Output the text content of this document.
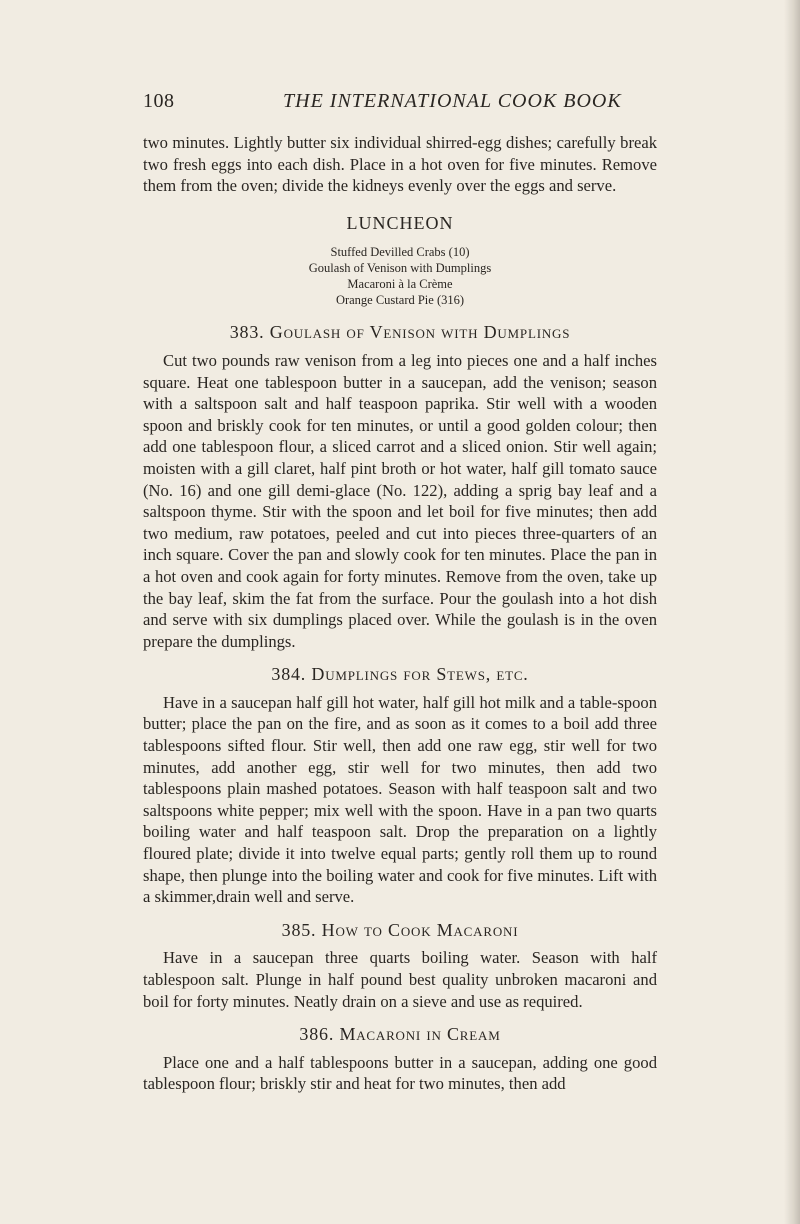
108	THE INTERNATIONAL COOK BOOK

two minutes. Lightly butter six individual shirred-egg dishes; carefully break two fresh eggs into each dish. Place in a hot oven for five minutes. Remove them from the oven; divide the kidneys evenly over the eggs and serve.

LUNCHEON
Stuffed Devilled Crabs (10)
Goulash of Venison with Dumplings
Macaroni à la Crème
Orange Custard Pie (316)
383. Goulash of Venison with Dumplings

Cut two pounds raw venison from a leg into pieces one and a half inches square. Heat one tablespoon butter in a saucepan, add the venison; season with a saltspoon salt and half teaspoon paprika. Stir well with a wooden spoon and briskly cook for ten minutes, or until a good golden colour; then add one tablespoon flour, a sliced carrot and a sliced onion. Stir well again; moisten with a gill claret, half pint broth or hot water, half gill tomato sauce (No. 16) and one gill demi-glace (No. 122), adding a sprig bay leaf and a saltspoon thyme. Stir with the spoon and let boil for five minutes; then add two medium, raw potatoes, peeled and cut into pieces three-quarters of an inch square. Cover the pan and slowly cook for ten minutes. Place the pan in a hot oven and cook again for forty minutes. Remove from the oven, take up the bay leaf, skim the fat from the surface. Pour the goulash into a hot dish and serve with six dumplings placed over. While the goulash is in the oven prepare the dumplings.

384. Dumplings for Stews, etc.

Have in a saucepan half gill hot water, half gill hot milk and a table-spoon butter; place the pan on the fire, and as soon as it comes to a boil add three tablespoons sifted flour. Stir well, then add one raw egg, stir well for two minutes, add another egg, stir well for two minutes, then add two tablespoons plain mashed potatoes. Season with half teaspoon salt and two saltspoons white pepper; mix well with the spoon. Have in a pan two quarts boiling water and half teaspoon salt. Drop the preparation on a lightly floured plate; divide it into twelve equal parts; gently roll them up to round shape, then plunge into the boiling water and cook for five minutes. Lift with a skimmer,drain well and serve.

385. How to Cook Macaroni

Have in a saucepan three quarts boiling water. Season with half tablespoon salt. Plunge in half pound best quality unbroken macaroni and boil for forty minutes. Neatly drain on a sieve and use as required.

386. Macaroni in Cream

Place one and a half tablespoons butter in a saucepan, adding one good tablespoon flour; briskly stir and heat for two minutes, then add
